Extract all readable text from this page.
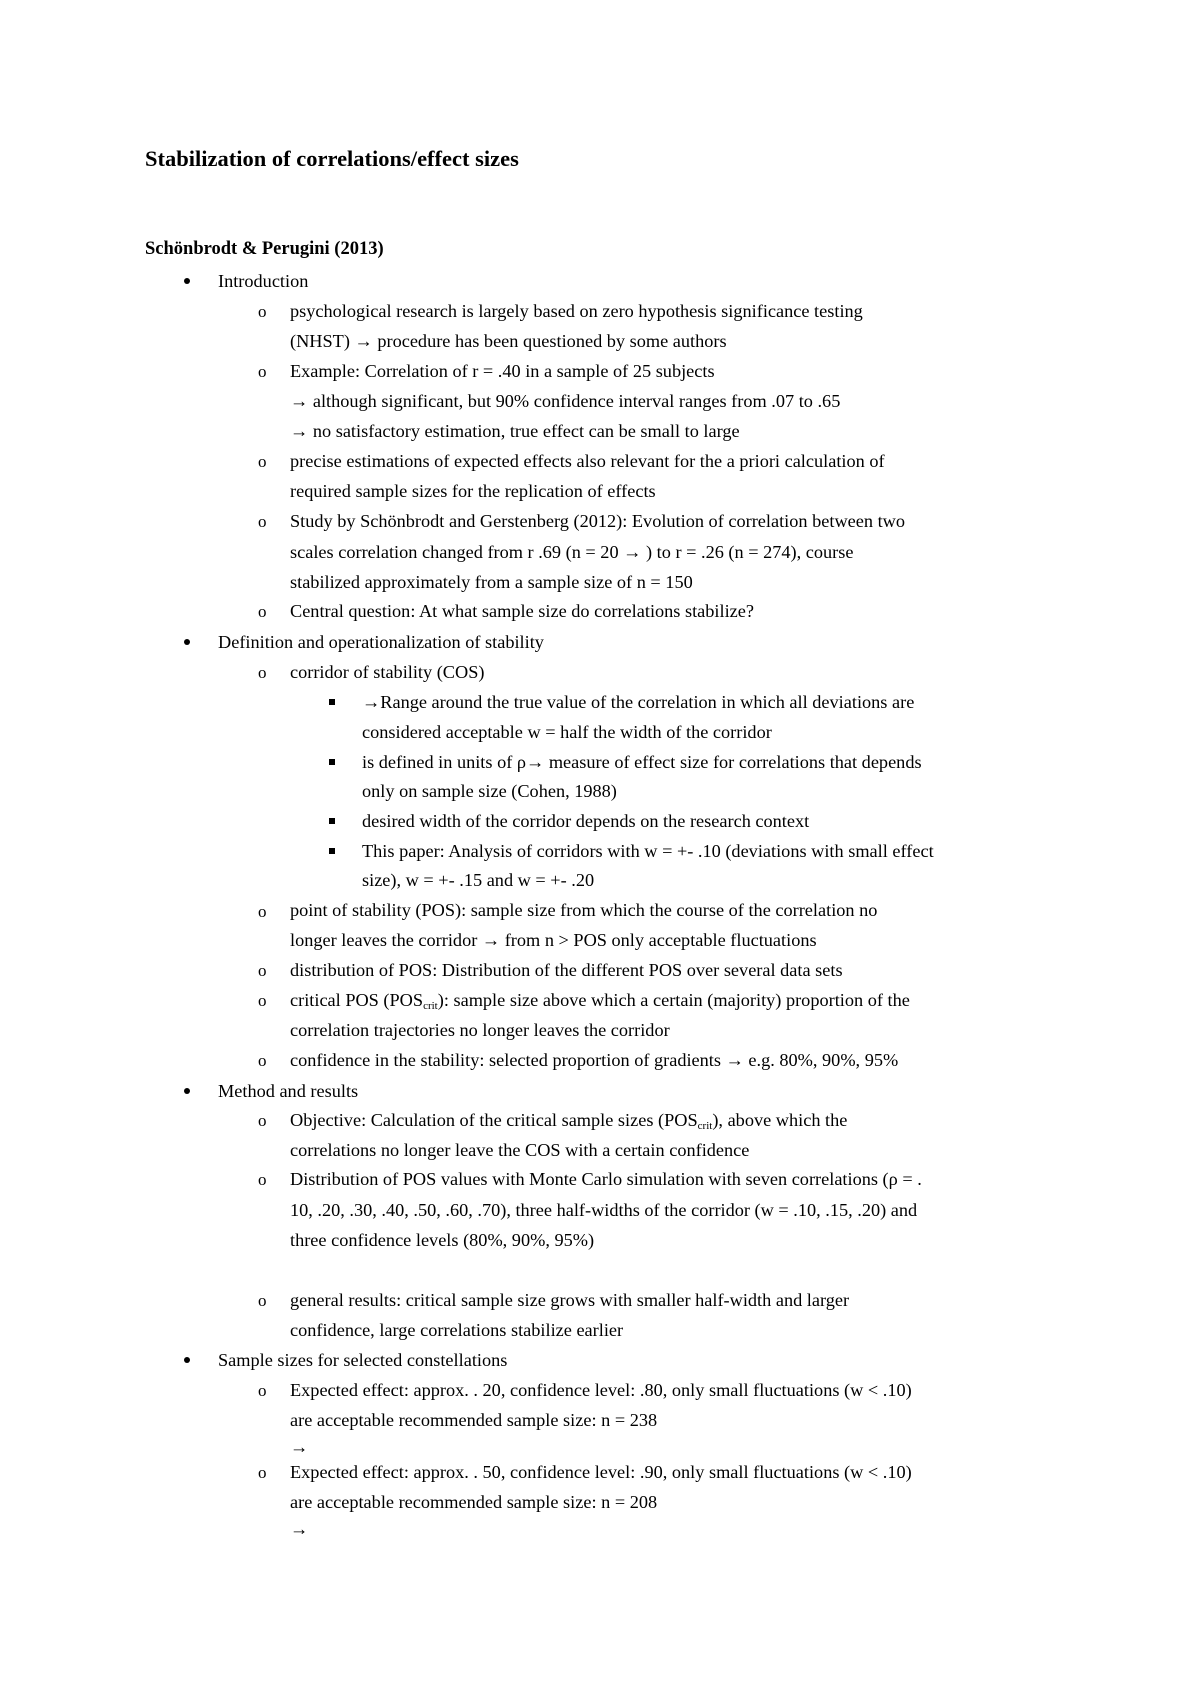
Stabilization of correlations/effect sizes
Schönbrodt & Perugini (2013)
Introduction
o psychological research is largely based on zero hypothesis significance testing
(NHST) → procedure has been questioned by some authors
o Example: Correlation of r = .40 in a sample of 25 subjects
→ although significant, but 90% confidence interval ranges from .07 to .65
→ no satisfactory estimation, true effect can be small to large
o precise estimations of expected effects also relevant for the a priori calculation of
required sample sizes for the replication of effects
o Study by Schönbrodt and Gerstenberg (2012): Evolution of correlation between two
scales correlation changed from r .69 (n = 20 → ) to r = .26 (n = 274), course
stabilized approximately from a sample size of n = 150
o Central question: At what sample size do correlations stabilize?
Definition and operationalization of stability
o corridor of stability (COS)
→Range around the true value of the correlation in which all deviations are
considered acceptable w = half the width of the corridor
is defined in units of ρ→ measure of effect size for correlations that depends
only on sample size (Cohen, 1988)
desired width of the corridor depends on the research context
This paper: Analysis of corridors with w = +- .10 (deviations with small effect
size), w = +- .15 and w = +- .20
o point of stability (POS): sample size from which the course of the correlation no
longer leaves the corridor → from n > POS only acceptable fluctuations
o distribution of POS: Distribution of the different POS over several data sets
o critical POS $(POS_{crit})$: sample size above which a certain (majority) proportion of the
correlation trajectories no longer leaves the corridor
o confidence in the stability: selected proportion of gradients → e.g. 80%, 90%, 95%
Method and results
o Objective: Calculation of the critical sample sizes $(POS_{crit})$, above which the
correlations no longer leave the COS with a certain confidence
o Distribution of POS values with Monte Carlo simulation with seven correlations (ρ = .
10, .20, .30, .40, .50, .60, .70), three half-widths of the corridor (w = .10, .15, .20) and
three confidence levels (80%, 90%, 95%)
o general results: critical sample size grows with smaller half-width and larger
confidence, large correlations stabilize earlier
Sample sizes for selected constellations
o Expected effect: approx. . 20, confidence level: .80, only small fluctuations (w < .10)
are acceptable recommended sample size: n = 238
→
o Expected effect: approx. . 50, confidence level: .90, only small fluctuations (w < .10)
are acceptable recommended sample size: n = 208
→
